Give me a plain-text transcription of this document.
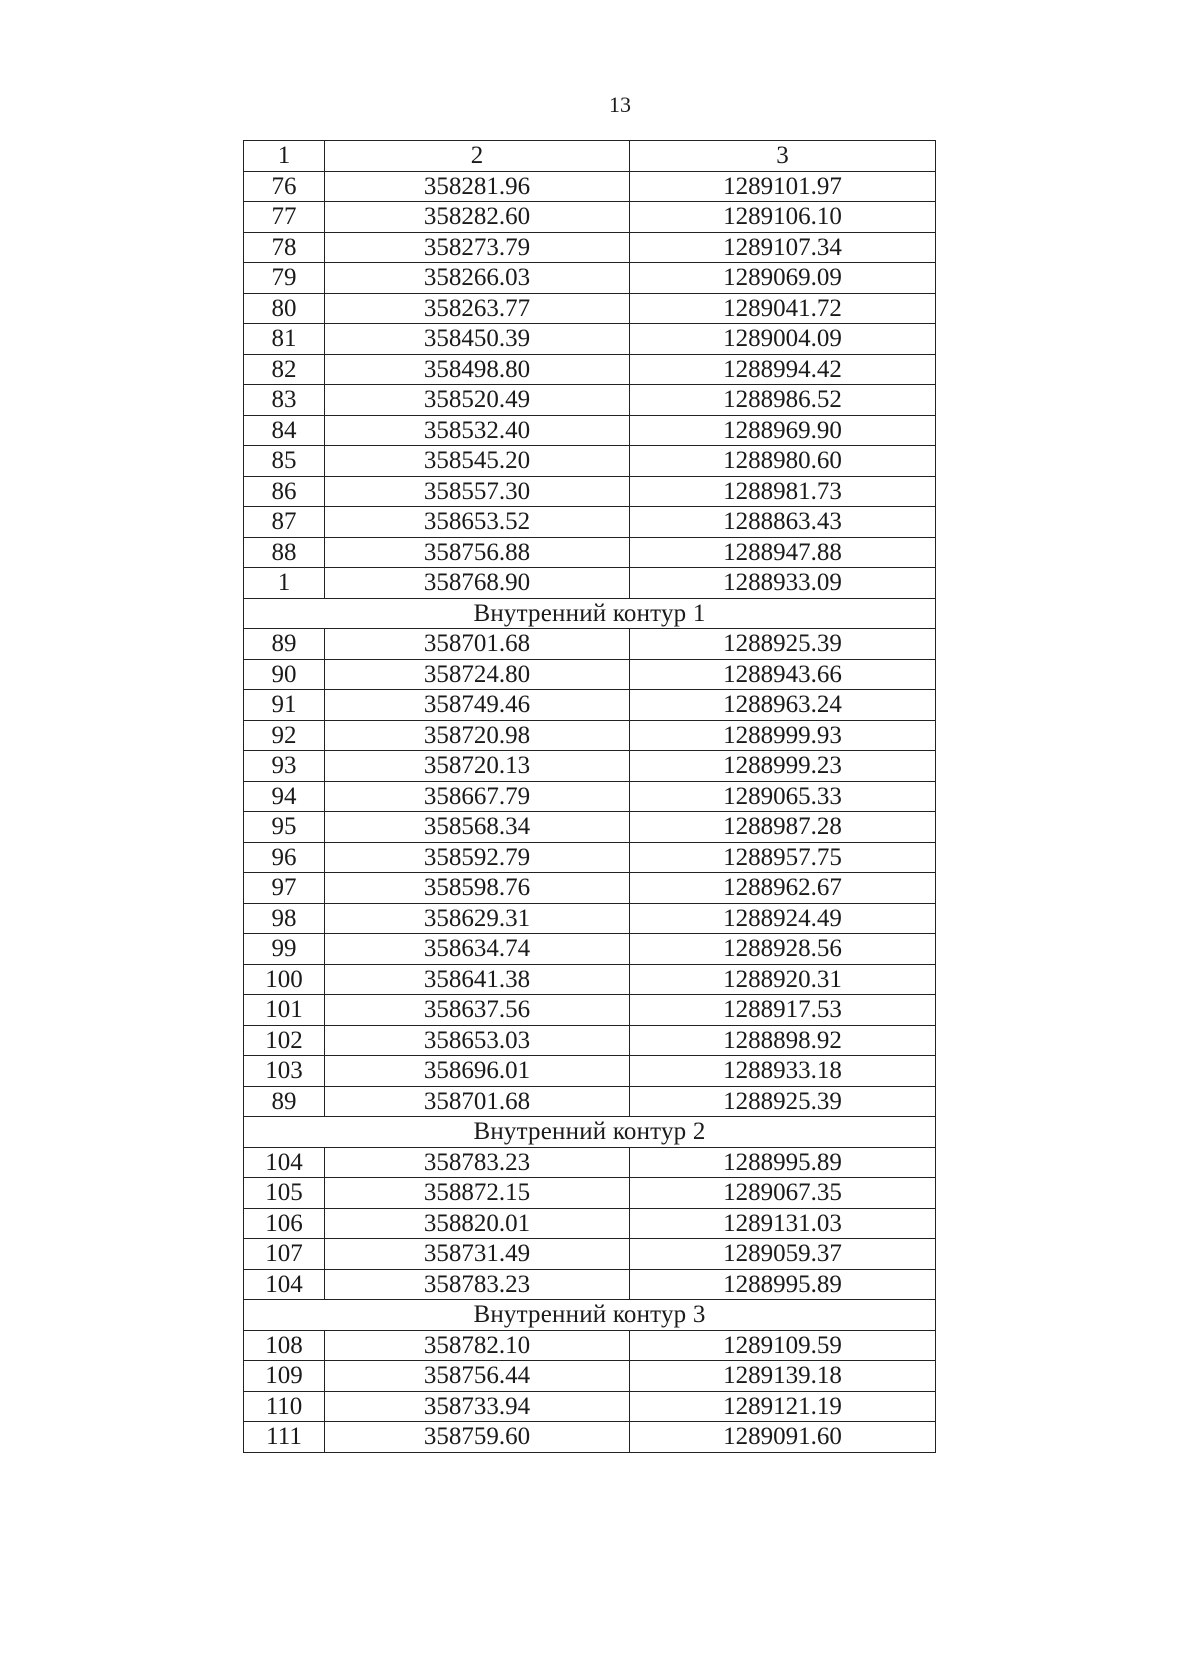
13
1	2	3
76	358281.96	1289101.97
77	358282.60	1289106.10
78	358273.79	1289107.34
79	358266.03	1289069.09
80	358263.77	1289041.72
81	358450.39	1289004.09
82	358498.80	1288994.42
83	358520.49	1288986.52
84	358532.40	1288969.90
85	358545.20	1288980.60
86	358557.30	1288981.73
87	358653.52	1288863.43
88	358756.88	1288947.88
1	358768.90	1288933.09
Внутренний контур 1		
89	358701.68	1288925.39
90	358724.80	1288943.66
91	358749.46	1288963.24
92	358720.98	1288999.93
93	358720.13	1288999.23
94	358667.79	1289065.33
95	358568.34	1288987.28
96	358592.79	1288957.75
97	358598.76	1288962.67
98	358629.31	1288924.49
99	358634.74	1288928.56
100	358641.38	1288920.31
101	358637.56	1288917.53
102	358653.03	1288898.92
103	358696.01	1288933.18
89	358701.68	1288925.39
Внутренний контур 2		
104	358783.23	1288995.89
105	358872.15	1289067.35
106	358820.01	1289131.03
107	358731.49	1289059.37
104	358783.23	1288995.89
Внутренний контур 3		
108	358782.10	1289109.59
109	358756.44	1289139.18
110	358733.94	1289121.19
111	358759.60	1289091.60
